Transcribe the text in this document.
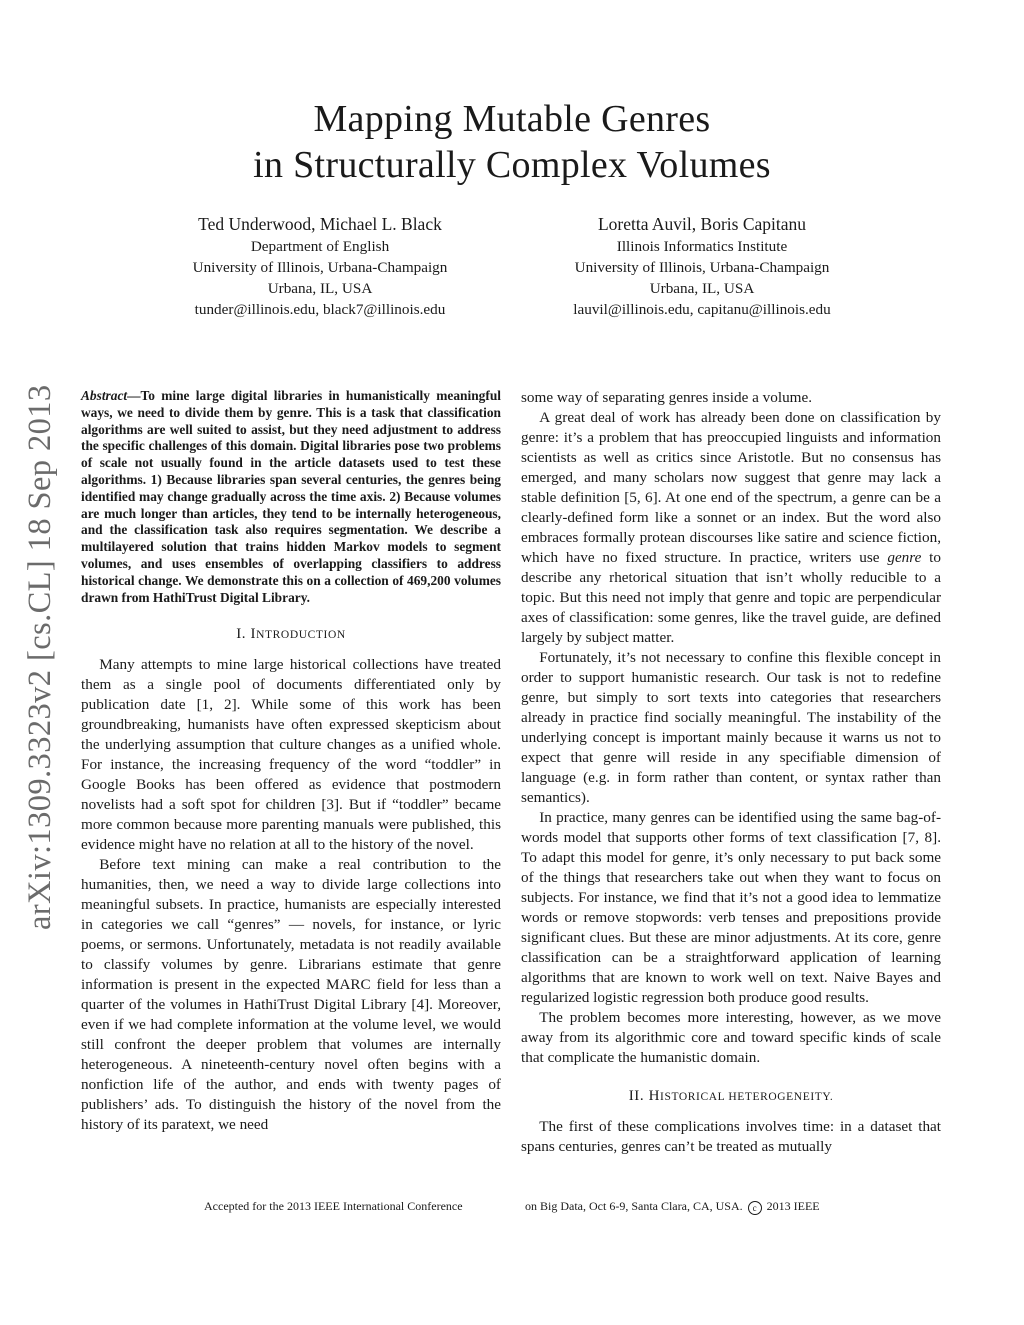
Mapping Mutable Genres
in Structurally Complex Volumes
Ted Underwood, Michael L. Black
Department of English
University of Illinois, Urbana-Champaign
Urbana, IL, USA
tunder@illinois.edu, black7@illinois.edu
Loretta Auvil, Boris Capitanu
Illinois Informatics Institute
University of Illinois, Urbana-Champaign
Urbana, IL, USA
lauvil@illinois.edu, capitanu@illinois.edu
arXiv:1309.3323v2 [cs.CL] 18 Sep 2013 Abstract—To mine large digital libraries in humanistically meaningful ways, we need to divide them by genre. This is a task that classification algorithms are well suited to assist, but they need adjustment to address the specific challenges of this domain. Digital libraries pose two problems of scale not usually found in the article datasets used to test these algorithms. 1) Because libraries span several centuries, the genres being identified may change gradually across the time axis. 2) Because volumes are much longer than articles, they tend to be internally heterogeneous, and the classification task also requires segmentation. We describe a multilayered solution that trains hidden Markov models to segment volumes, and uses ensembles of overlapping classifiers to address historical change. We demonstrate this on a collection of 469,200 volumes drawn from HathiTrust Digital Library.

I. INTRODUCTION

Many attempts to mine large historical collections have treated them as a single pool of documents differentiated only by publication date [1, 2]. While some of this work has been groundbreaking, humanists have often expressed skepticism about the underlying assumption that culture changes as a unified whole. For instance, the increasing frequency of the word “toddler” in Google Books has been offered as evidence that postmodern novelists had a soft spot for children [3]. But if “toddler” became more common because more parenting manuals were published, this evidence might have no relation at all to the history of the novel.

Before text mining can make a real contribution to the humanities, then, we need a way to divide large collections into meaningful subsets. In practice, humanists are especially interested in categories we call “genres” — novels, for instance, or lyric poems, or sermons. Unfortunately, metadata is not readily available to classify volumes by genre. Librarians estimate that genre information is present in the expected MARC field for less than a quarter of the volumes in HathiTrust Digital Library [4]. Moreover, even if we had complete information at the volume level, we would still confront the deeper problem that volumes are internally heterogeneous. A nineteenth-century novel often begins with a nonfiction life of the author, and ends with twenty pages of publishers’ ads. To distinguish the history of the novel from the history of its paratext, we need

some way of separating genres inside a volume.

A great deal of work has already been done on classification by genre: it’s a problem that has preoccupied linguists and information scientists as well as critics since Aristotle. But no consensus has emerged, and many scholars now suggest that genre may lack a stable definition [5, 6]. At one end of the spectrum, a genre can be a clearly-defined form like a sonnet or an index. But the word also embraces formally protean discourses like satire and science fiction, which have no fixed structure. In practice, writers use genre to describe any rhetorical situation that isn’t wholly reducible to a topic. But this need not imply that genre and topic are perpendicular axes of classification: some genres, like the travel guide, are defined largely by subject matter.

Fortunately, it’s not necessary to confine this flexible concept in order to support humanistic research. Our task is not to redefine genre, but simply to sort texts into categories that researchers already in practice find socially meaningful. The instability of the underlying concept is important mainly because it warns us not to expect that genre will reside in any specifiable dimension of language (e.g. in form rather than content, or syntax rather than semantics).

In practice, many genres can be identified using the same bag-of-words model that supports other forms of text classification [7, 8]. To adapt this model for genre, it’s only necessary to put back some of the things that researchers take out when they want to focus on subjects. For instance, we find that it’s not a good idea to lemmatize words or remove stopwords: verb tenses and prepositions provide significant clues. But these are minor adjustments. At its core, genre classification can be a straightforward application of learning algorithms that are known to work well on text. Naive Bayes and regularized logistic regression both produce good results.

The problem becomes more interesting, however, as we move away from its algorithmic core and toward specific kinds of scale that complicate the humanistic domain.

II. HISTORICAL HETEROGENEITY.

The first of these complications involves time: in a dataset that spans centuries, genres can’t be treated as mutually

Accepted for the 2013 IEEE International Conference	on Big Data, Oct 6-9, Santa Clara, CA, USA. c 2013 IEEE
